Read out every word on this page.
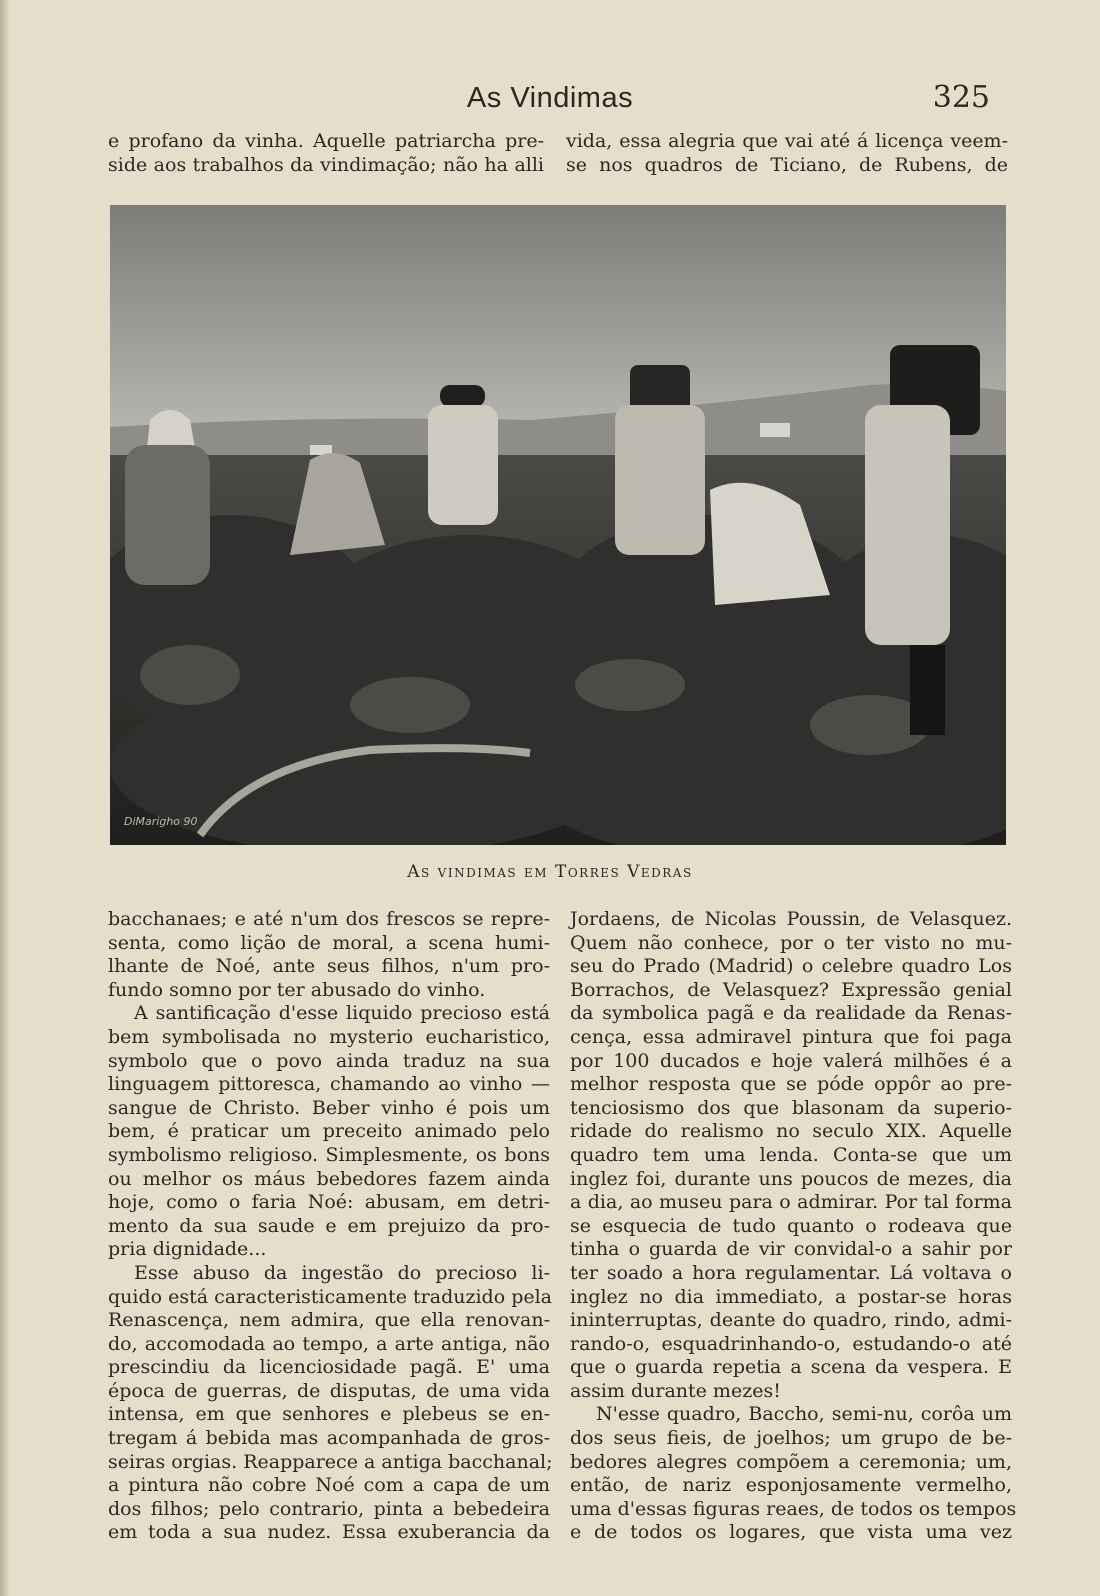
As Vindimas	325
e profano da vinha. Aquelle patriarcha pre-
side aos trabalhos da vindimação; não ha alli
vida, essa alegria que vai até á licença veem-
se nos quadros de Ticiano, de Rubens, de
DiMarigho 90
As vindimas em Torres Vedras
bacchanaes; e até n'um dos frescos se repre-
senta, como lição de moral, a scena humi-
lhante de Noé, ante seus filhos, n'um pro-
fundo somno por ter abusado do vinho.
A santificação d'esse liquido precioso está
bem symbolisada no mysterio eucharistico,
symbolo que o povo ainda traduz na sua
linguagem pittoresca, chamando ao vinho —
sangue de Christo. Beber vinho é pois um
bem, é praticar um preceito animado pelo
symbolismo religioso. Simplesmente, os bons
ou melhor os máus bebedores fazem ainda
hoje, como o faria Noé: abusam, em detri-
mento da sua saude e em prejuizo da pro-
pria dignidade...
Esse abuso da ingestão do precioso li-
quido está caracteristicamente traduzido pela
Renascença, nem admira, que ella renovan-
do, accomodada ao tempo, a arte antiga, não
prescindiu da licenciosidade pagã. E' uma
época de guerras, de disputas, de uma vida
intensa, em que senhores e plebeus se en-
tregam á bebida mas acompanhada de gros-
seiras orgias. Reapparece a antiga bacchanal;
a pintura não cobre Noé com a capa de um
dos filhos; pelo contrario, pinta a bebedeira
em toda a sua nudez. Essa exuberancia da
Jordaens, de Nicolas Poussin, de Velasquez.
Quem não conhece, por o ter visto no mu-
seu do Prado (Madrid) o celebre quadro Los
Borrachos, de Velasquez? Expressão genial
da symbolica pagã e da realidade da Renas-
cença, essa admiravel pintura que foi paga
por 100 ducados e hoje valerá milhões é a
melhor resposta que se póde oppôr ao pre-
tenciosismo dos que blasonam da superio-
ridade do realismo no seculo XIX. Aquelle
quadro tem uma lenda. Conta-se que um
inglez foi, durante uns poucos de mezes, dia
a dia, ao museu para o admirar. Por tal forma
se esquecia de tudo quanto o rodeava que
tinha o guarda de vir convidal-o a sahir por
ter soado a hora regulamentar. Lá voltava o
inglez no dia immediato, a postar-se horas
ininterruptas, deante do quadro, rindo, admi-
rando-o, esquadrinhando-o, estudando-o até
que o guarda repetia a scena da vespera. E
assim durante mezes!
N'esse quadro, Baccho, semi-nu, corôa um
dos seus fieis, de joelhos; um grupo de be-
bedores alegres compõem a ceremonia; um,
então, de nariz esponjosamente vermelho,
uma d'essas figuras reaes, de todos os tempos
e de todos os logares, que vista uma vez
